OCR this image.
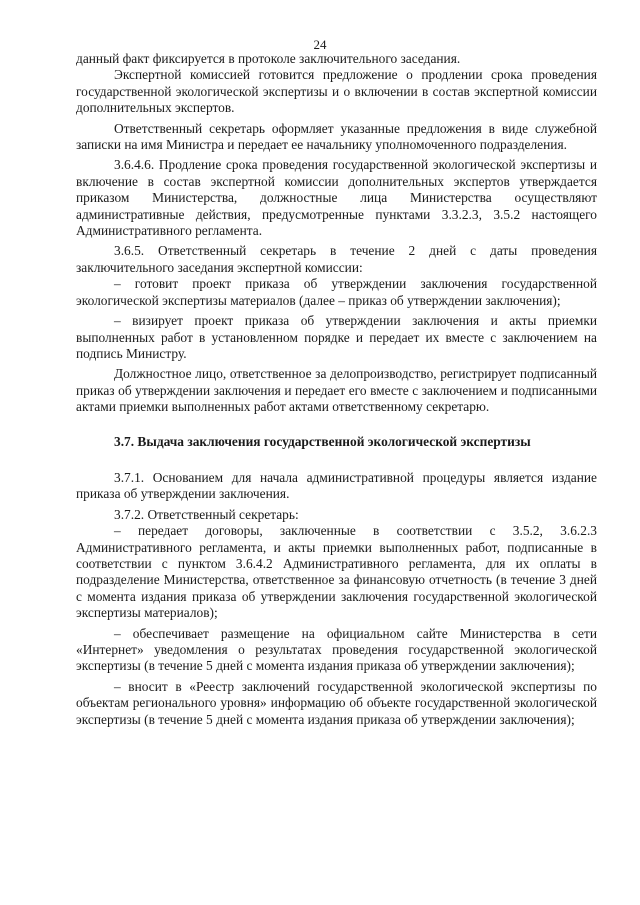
24

данный факт фиксируется в протоколе заключительного заседания.

Экспертной комиссией готовится предложение о продлении срока проведения государственной экологической экспертизы и о включении в состав экспертной комиссии дополнительных экспертов.

Ответственный секретарь оформляет указанные предложения в виде служебной записки на имя Министра и передает ее начальнику уполномоченного подразделения.

3.6.4.6. Продление срока проведения государственной экологической экспертизы и включение в состав экспертной комиссии дополнительных экспертов утверждается приказом Министерства, должностные лица Министерства осуществляют административные действия, предусмотренные пунктами 3.3.2.3, 3.5.2 настоящего Административного регламента.

3.6.5. Ответственный секретарь в течение 2 дней с даты проведения заключительного заседания экспертной комиссии:

– готовит проект приказа об утверждении заключения государственной экологической экспертизы материалов (далее – приказ об утверждении заключения);

– визирует проект приказа об утверждении заключения и акты приемки выполненных работ в установленном порядке и передает их вместе с заключением на подпись Министру.

Должностное лицо, ответственное за делопроизводство, регистрирует подписанный приказ об утверждении заключения и передает его вместе с заключением и подписанными актами приемки выполненных работ актами ответственному секретарю.

3.7. Выдача заключения государственной экологической экспертизы

3.7.1. Основанием для начала административной процедуры является издание приказа об утверждении заключения.

3.7.2. Ответственный секретарь:

– передает договоры, заключенные в соответствии с 3.5.2, 3.6.2.3 Административного регламента, и акты приемки выполненных работ, подписанные в соответствии с пунктом 3.6.4.2 Административного регламента, для их оплаты в подразделение Министерства, ответственное за финансовую отчетность (в течение 3 дней с момента издания приказа об утверждении заключения государственной экологической экспертизы материалов);

– обеспечивает размещение на официальном сайте Министерства в сети «Интернет» уведомления о результатах проведения государственной экологической экспертизы (в течение 5 дней с момента издания приказа об утверждении заключения);

– вносит в «Реестр заключений государственной экологической экспертизы по объектам регионального уровня» информацию об объекте государственной экологической экспертизы (в течение 5 дней с момента издания приказа об утверждении заключения);
